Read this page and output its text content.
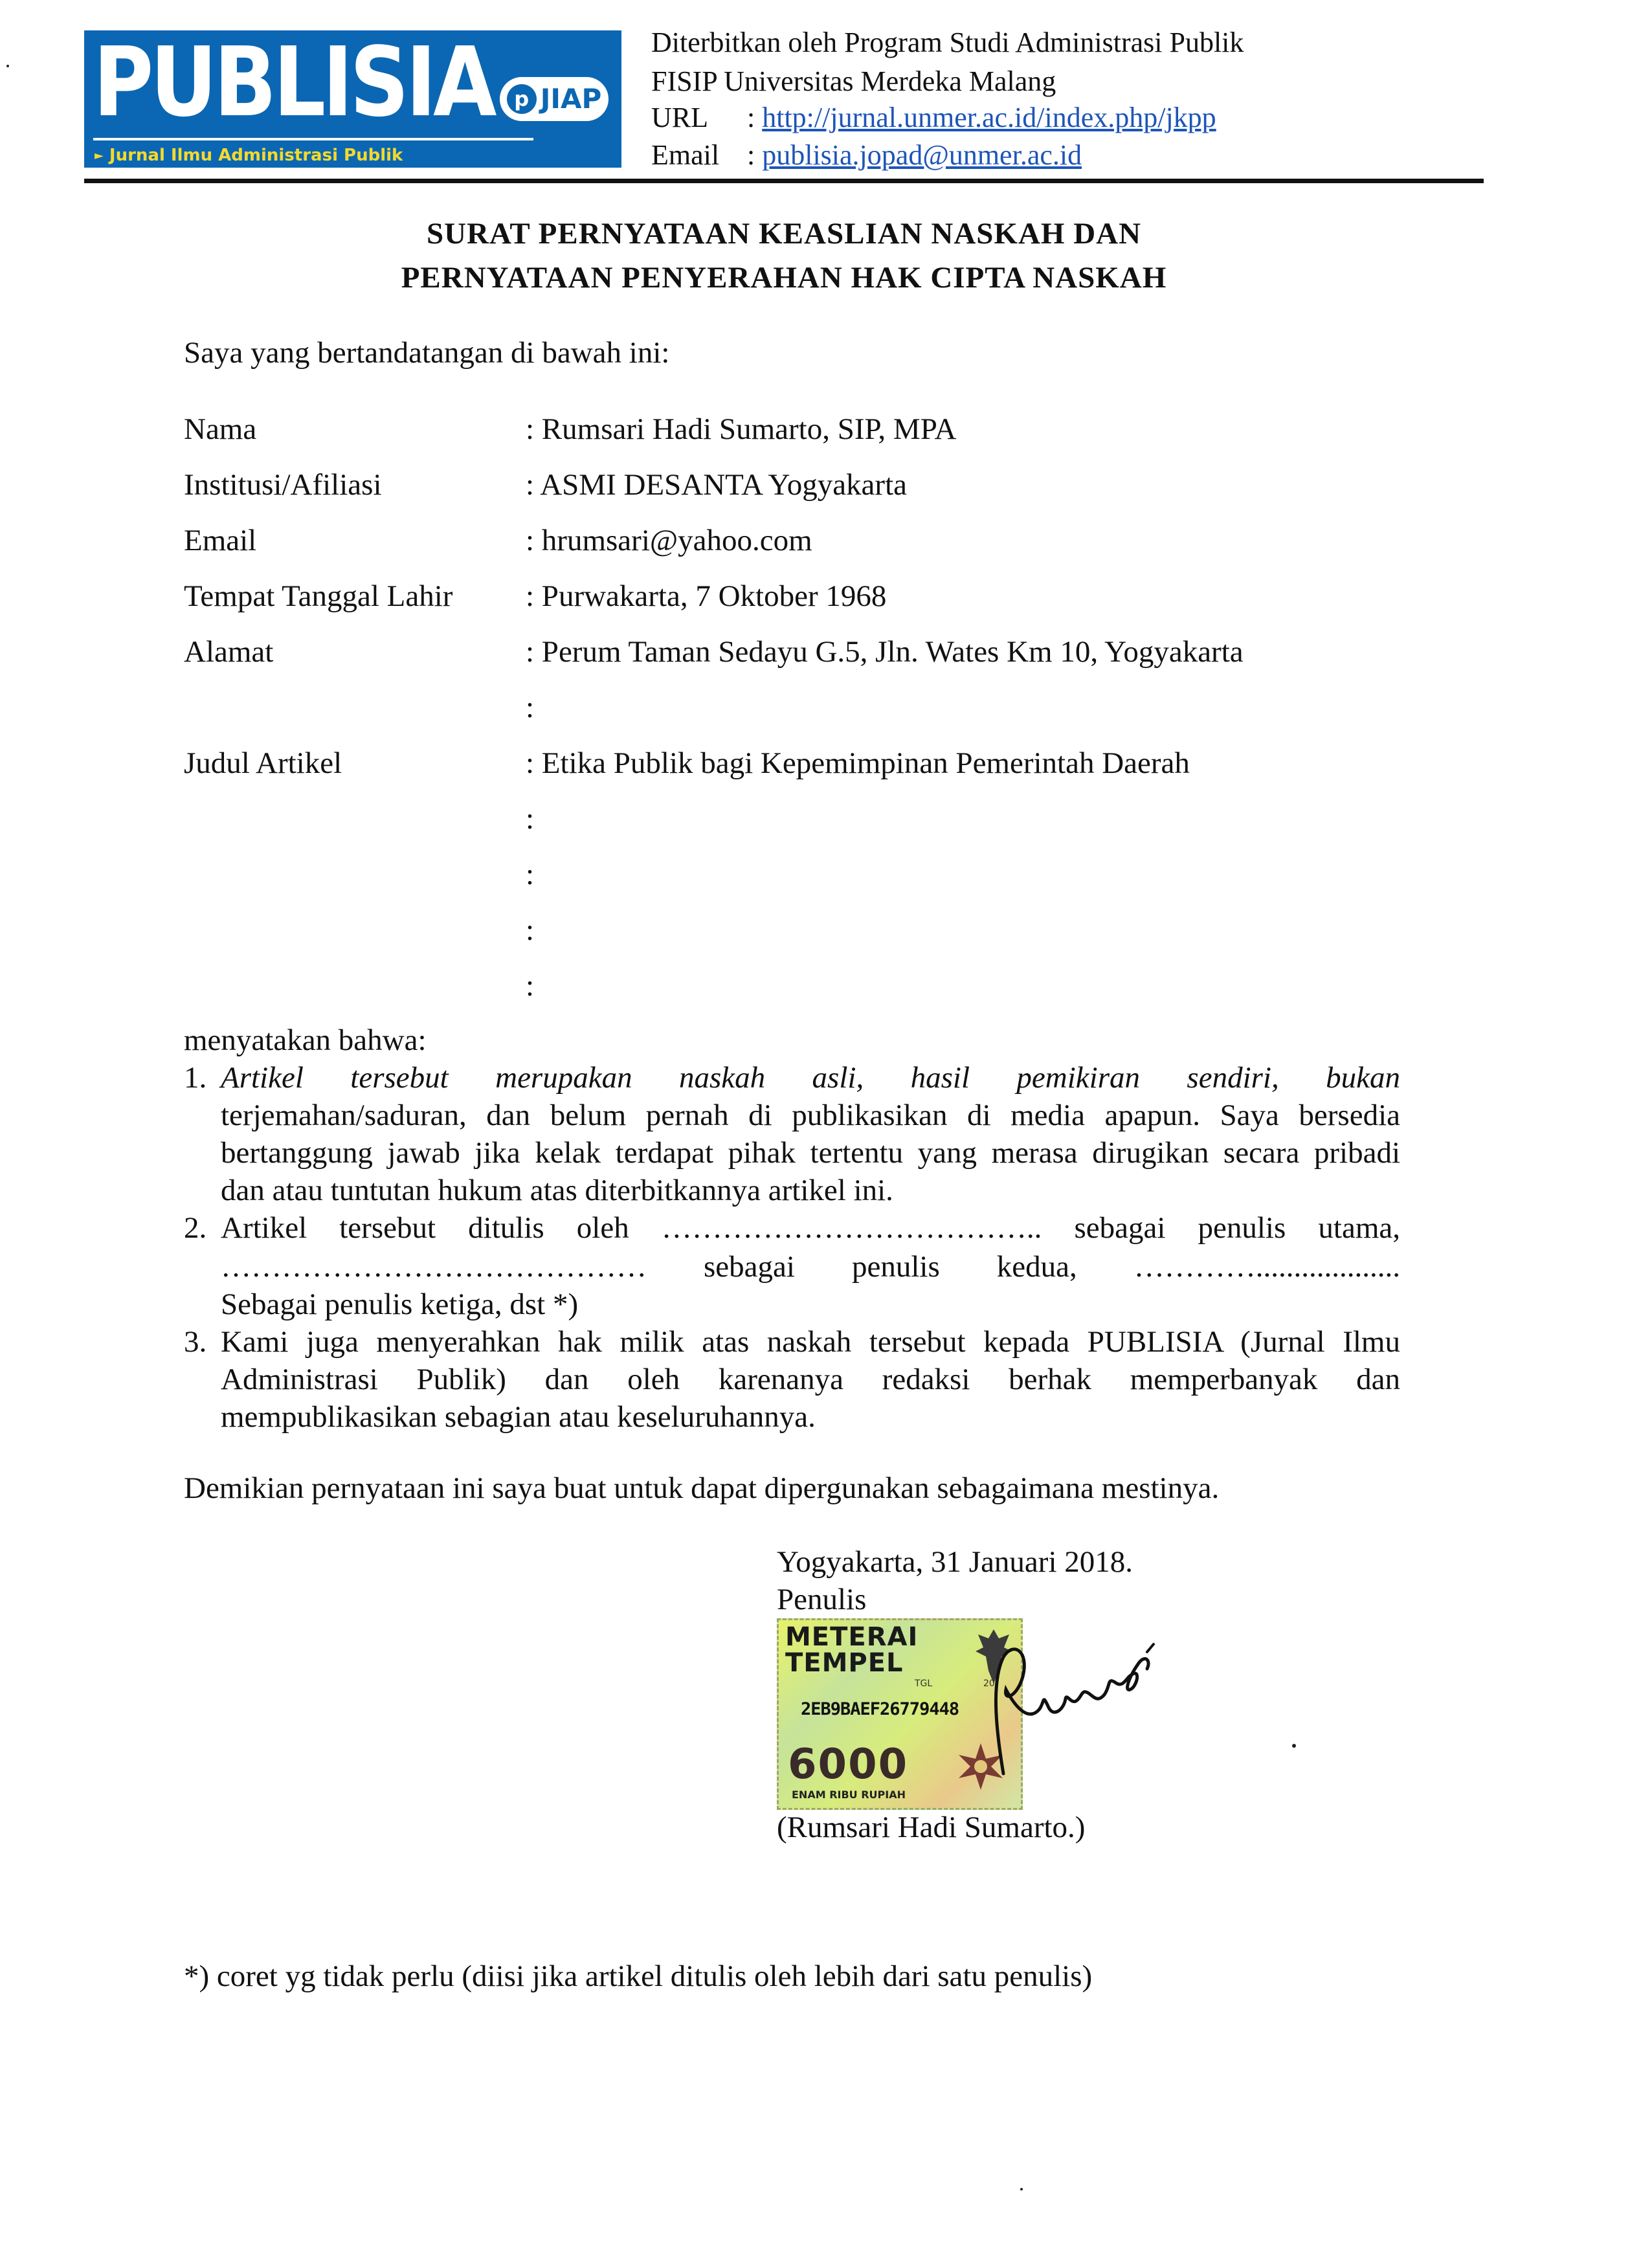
PUBLISIA
► Jurnal Ilmu Administrasi Publik
p JIAP
Diterbitkan oleh Program Studi Administrasi Publik
FISIP Universitas Merdeka Malang
URL : http://jurnal.unmer.ac.id/index.php/jkpp
Email : publisia.jopad@unmer.ac.id
SURAT PERNYATAAN KEASLIAN NASKAH DAN
PERNYATAAN PENYERAHAN HAK CIPTA NASKAH
Saya yang bertandatangan di bawah ini:
Nama	: Rumsari Hadi Sumarto, SIP, MPA
Institusi/Afiliasi	: ASMI DESANTA Yogyakarta
Email	: hrumsari@yahoo.com
Tempat Tanggal Lahir : Purwakarta, 7 Oktober 1968
Alamat	: Perum Taman Sedayu G.5, Jln. Wates Km 10, Yogyakarta
:
Judul Artikel	: Etika Publik bagi Kepemimpinan Pemerintah Daerah
:
:
:
:
menyatakan bahwa:
1. Artikel tersebut merupakan naskah asli, hasil pemikiran sendiri, bukan
terjemahan/saduran, dan belum pernah di publikasikan di media apapun. Saya bersedia
bertanggung jawab jika kelak terdapat pihak tertentu yang merasa dirugikan secara pribadi
dan atau tuntutan hukum atas diterbitkannya artikel ini.
2. Artikel tersebut ditulis oleh ……………………………….. sebagai penulis utama,
…………………………………… sebagai penulis kedua, …………...................
Sebagai penulis ketiga, dst *)
3. Kami juga menyerahkan hak milik atas naskah tersebut kepada PUBLISIA (Jurnal Ilmu
Administrasi Publik) dan oleh karenanya redaksi berhak memperbanyak dan
mempublikasikan sebagian atau keseluruhannya.
Demikian pernyataan ini saya buat untuk dapat dipergunakan sebagaimana mestinya.
Yogyakarta, 31 Januari 2018.
Penulis
METERAI
TEMPEL
TGL	20
2EB9BAEF26779448
6000
ENAM RIBU RUPIAH
(Rumsari Hadi Sumarto.)
*) coret yg tidak perlu (diisi jika artikel ditulis oleh lebih dari satu penulis)
